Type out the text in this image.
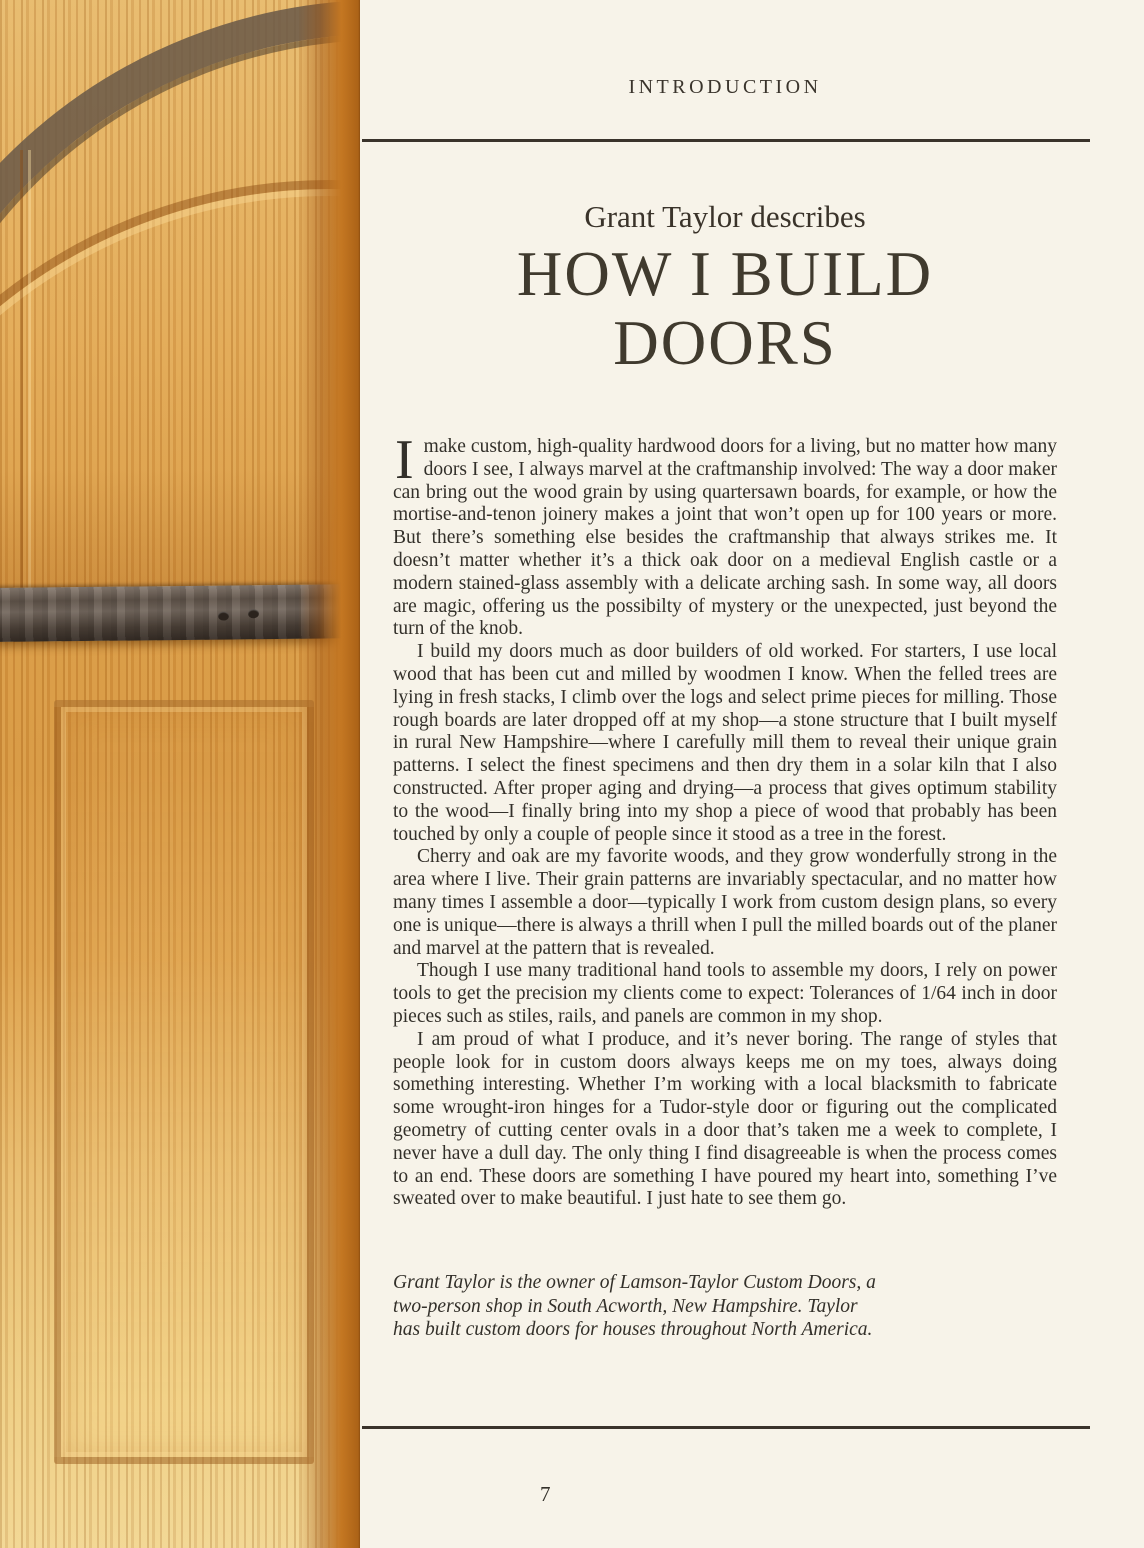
INTRODUCTION

Grant Taylor describes

HOW I BUILD
DOORS

Imake custom, high-quality hardwood doors for a living, but no matter how many doors I see, I always marvel at the craftmanship involved: The way a door maker can bring out the wood grain by using quartersawn boards, for example, or how the mortise-and-tenon joinery makes a joint that won’t open up for 100 years or more. But there’s something else besides the craftmanship that always strikes me. It doesn’t matter whether it’s a thick oak door on a medieval English castle or a modern stained-glass assembly with a delicate arching sash. In some way, all doors are magic, offering us the possibilty of mystery or the unexpected, just beyond the turn of the knob.

I build my doors much as door builders of old worked. For starters, I use local wood that has been cut and milled by woodmen I know. When the felled trees are lying in fresh stacks, I climb over the logs and select prime pieces for milling. Those rough boards are later dropped off at my shop—a stone structure that I built myself in rural New Hampshire—where I carefully mill them to reveal their unique grain patterns. I select the finest specimens and then dry them in a solar kiln that I also constructed. After proper aging and drying—a process that gives optimum stability to the wood—I finally bring into my shop a piece of wood that probably has been touched by only a couple of people since it stood as a tree in the forest.

Cherry and oak are my favorite woods, and they grow wonderfully strong in the area where I live. Their grain patterns are invariably spectacular, and no matter how many times I assemble a door—typically I work from custom design plans, so every one is unique—there is always a thrill when I pull the milled boards out of the planer and marvel at the pattern that is revealed.

Though I use many traditional hand tools to assemble my doors, I rely on power tools to get the precision my clients come to expect: Tolerances of 1/64 inch in door pieces such as stiles, rails, and panels are common in my shop.

I am proud of what I produce, and it’s never boring. The range of styles that people look for in custom doors always keeps me on my toes, always doing something interesting. Whether I’m working with a local blacksmith to fabricate some wrought-iron hinges for a Tudor-style door or figuring out the complicated geometry of cutting center ovals in a door that’s taken me a week to complete, I never have a dull day. The only thing I find disagreeable is when the process comes to an end. These doors are something I have poured my heart into, something I’ve sweated over to make beautiful. I just hate to see them go.

Grant Taylor is the owner of Lamson-Taylor Custom Doors, a two-person shop in South Acworth, New Hampshire. Taylor has built custom doors for houses throughout North America.

7
